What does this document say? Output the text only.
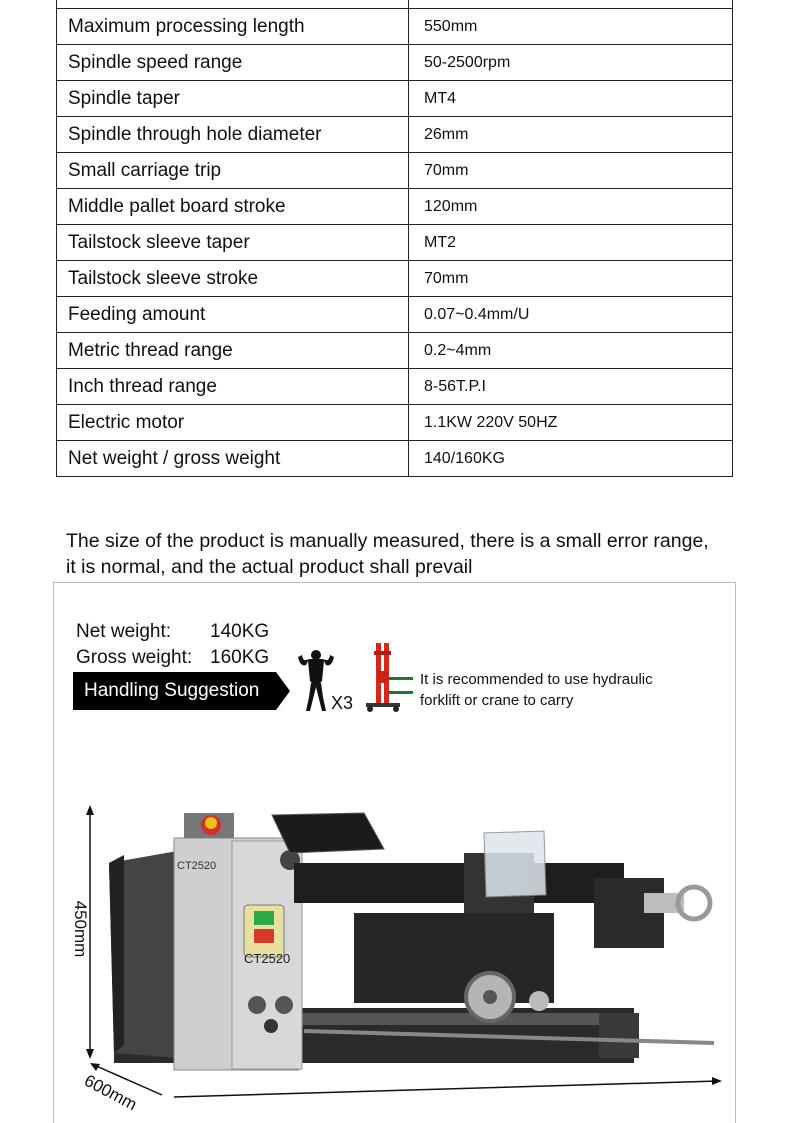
Maximum processing length	550mm
Spindle speed range	50-2500rpm
Spindle taper	MT4
Spindle through hole diameter	26mm
Small carriage trip	70mm
Middle pallet board stroke	120mm
Tailstock sleeve taper	MT2
Tailstock sleeve stroke	70mm
Feeding amount	0.07~0.4mm/U
Metric thread range	0.2~4mm
Inch thread range	8-56T.P.I
Electric motor	1.1KW 220V 50HZ
Net weight / gross weight	140/160KG
The size of the product is manually measured, there is a small error range,
it is normal, and the actual product shall prevail
Net weight:	140KG
Gross weight: 160KG
Handling Suggestion
X3
It is recommended to use hydraulic
forklift or crane to carry
CT2520
CT2520
450mm
600mm
